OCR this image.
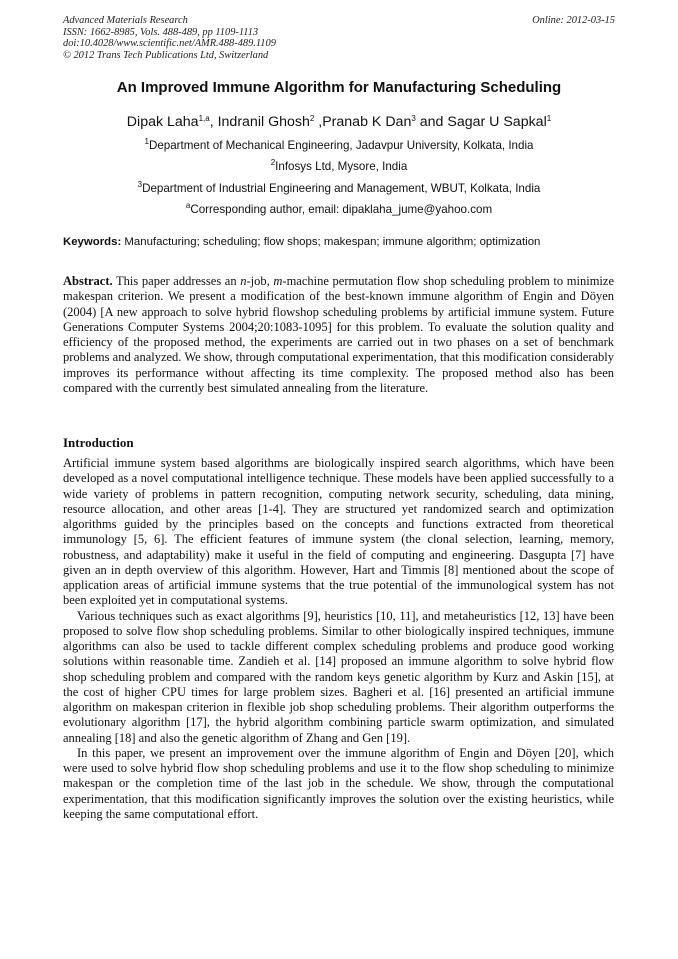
Advanced Materials Research
ISSN: 1662-8985, Vols. 488-489, pp 1109-1113
doi:10.4028/www.scientific.net/AMR.488-489.1109
© 2012 Trans Tech Publications Ltd, Switzerland
Online: 2012-03-15
An Improved Immune Algorithm for Manufacturing Scheduling
Dipak Laha$^{1,a}$, Indranil Ghosh$^2$ ,Pranab K Dan$^3$ and Sagar U Sapkal$^1$
$^1$Department of Mechanical Engineering, Jadavpur University, Kolkata, India
$^2$Infosys Ltd, Mysore, India
$^3$Department of Industrial Engineering and Management, WBUT, Kolkata, India
$^a$Corresponding author, email: dipaklaha_jume@yahoo.com
Keywords: Manufacturing; scheduling; flow shops; makespan; immune algorithm; optimization
Abstract. This paper addresses an n-job, m-machine permutation flow shop scheduling problem to minimize makespan criterion. We present a modification of the best-known immune algorithm of Engin and Döyen (2004) [A new approach to solve hybrid flowshop scheduling problems by artificial immune system. Future Generations Computer Systems 2004;20:1083-1095] for this problem. To evaluate the solution quality and efficiency of the proposed method, the experiments are carried out in two phases on a set of benchmark problems and analyzed. We show, through computational experimentation, that this modification considerably improves its performance without affecting its time complexity. The proposed method also has been compared with the currently best simulated annealing from the literature.
Introduction

Artificial immune system based algorithms are biologically inspired search algorithms, which have been developed as a novel computational intelligence technique. These models have been applied successfully to a wide variety of problems in pattern recognition, computing network security, scheduling, data mining, resource allocation, and other areas [1-4]. They are structured yet randomized search and optimization algorithms guided by the principles based on the concepts and functions extracted from theoretical immunology [5, 6]. The efficient features of immune system (the clonal selection, learning, memory, robustness, and adaptability) make it useful in the field of computing and engineering. Dasgupta [7] have given an in depth overview of this algorithm. However, Hart and Timmis [8] mentioned about the scope of application areas of artificial immune systems that the true potential of the immunological system has not been exploited yet in computational systems.

Various techniques such as exact algorithms [9], heuristics [10, 11], and metaheuristics [12, 13] have been proposed to solve flow shop scheduling problems. Similar to other biologically inspired techniques, immune algorithms can also be used to tackle different complex scheduling problems and produce good working solutions within reasonable time. Zandieh et al. [14] proposed an immune algorithm to solve hybrid flow shop scheduling problem and compared with the random keys genetic algorithm by Kurz and Askin [15], at the cost of higher CPU times for large problem sizes. Bagheri et al. [16] presented an artificial immune algorithm on makespan criterion in flexible job shop scheduling problems. Their algorithm outperforms the evolutionary algorithm [17], the hybrid algorithm combining particle swarm optimization, and simulated annealing [18] and also the genetic algorithm of Zhang and Gen [19].

In this paper, we present an improvement over the immune algorithm of Engin and Döyen [20], which were used to solve hybrid flow shop scheduling problems and use it to the flow shop scheduling to minimize makespan or the completion time of the last job in the schedule. We show, through the computational experimentation, that this modification significantly improves the solution over the existing heuristics, while keeping the same computational effort.
